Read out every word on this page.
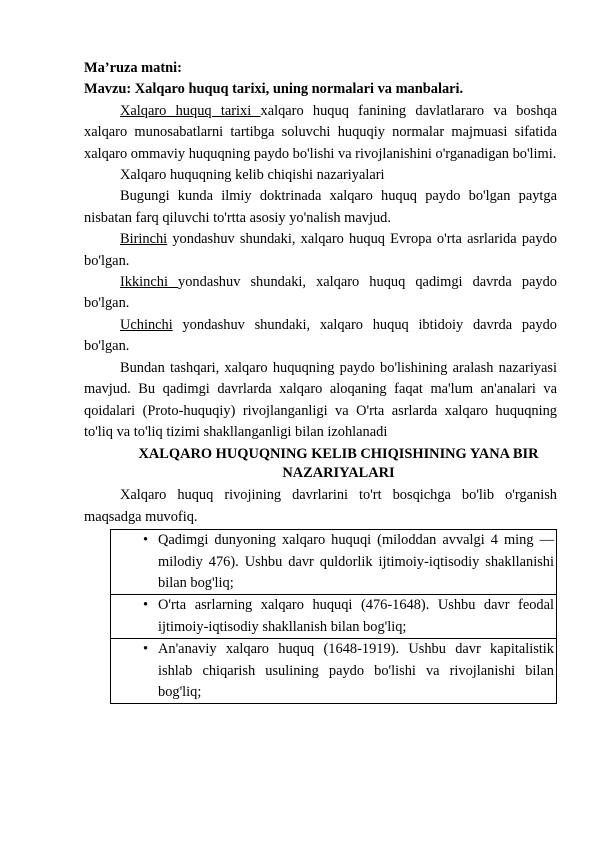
Ma’ruza matni:

Mavzu: Xalqaro huquq tarixi, uning normalari va manbalari.

Xalqaro huquq tarixi xalqaro huquq fanining davlatlararo va boshqa xalqaro munosabatlarni tartibga soluvchi huquqiy normalar majmuasi sifatida xalqaro ommaviy huquqning paydo bo'lishi va rivojlanishini o'rganadigan bo'limi.

Xalqaro huquqning kelib chiqishi nazariyalari

Bugungi kunda ilmiy doktrinada xalqaro huquq paydo bo'lgan paytga nisbatan farq qiluvchi to'rtta asosiy yo'nalish mavjud.

Birinchi yondashuv shundaki, xalqaro huquq Evropa o'rta asrlarida paydo bo'lgan.

Ikkinchi yondashuv shundaki, xalqaro huquq qadimgi davrda paydo bo'lgan.

Uchinchi yondashuv shundaki, xalqaro huquq ibtidoiy davrda paydo bo'lgan.

Bundan tashqari, xalqaro huquqning paydo bo'lishining aralash nazariyasi mavjud. Bu qadimgi davrlarda xalqaro aloqaning faqat ma'lum an'analari va qoidalari (Proto-huquqiy) rivojlanganligi va O'rta asrlarda xalqaro huquqning to'liq va to'liq tizimi shakllanganligi bilan izohlanadi

XALQARO HUQUQNING KELIB CHIQISHINING YANA BIR NAZARIYALARI

Xalqaro huquq rivojining davrlarini to'rt bosqichga bo'lib o'rganish maqsadga muvofiq.

• Qadimgi dunyoning xalqaro huquqi (miloddan avvalgi 4 ming — milodiy 476). Ushbu davr quldorlik ijtimoiy-iqtisodiy shakllanishi bilan bog'liq;

• O'rta asrlarning xalqaro huquqi (476-1648). Ushbu davr feodal ijtimoiy-iqtisodiy shakllanish bilan bog'liq;

• An'anaviy xalqaro huquq (1648-1919). Ushbu davr kapitalistik ishlab chiqarish usulining paydo bo'lishi va rivojlanishi bilan bog'liq;
